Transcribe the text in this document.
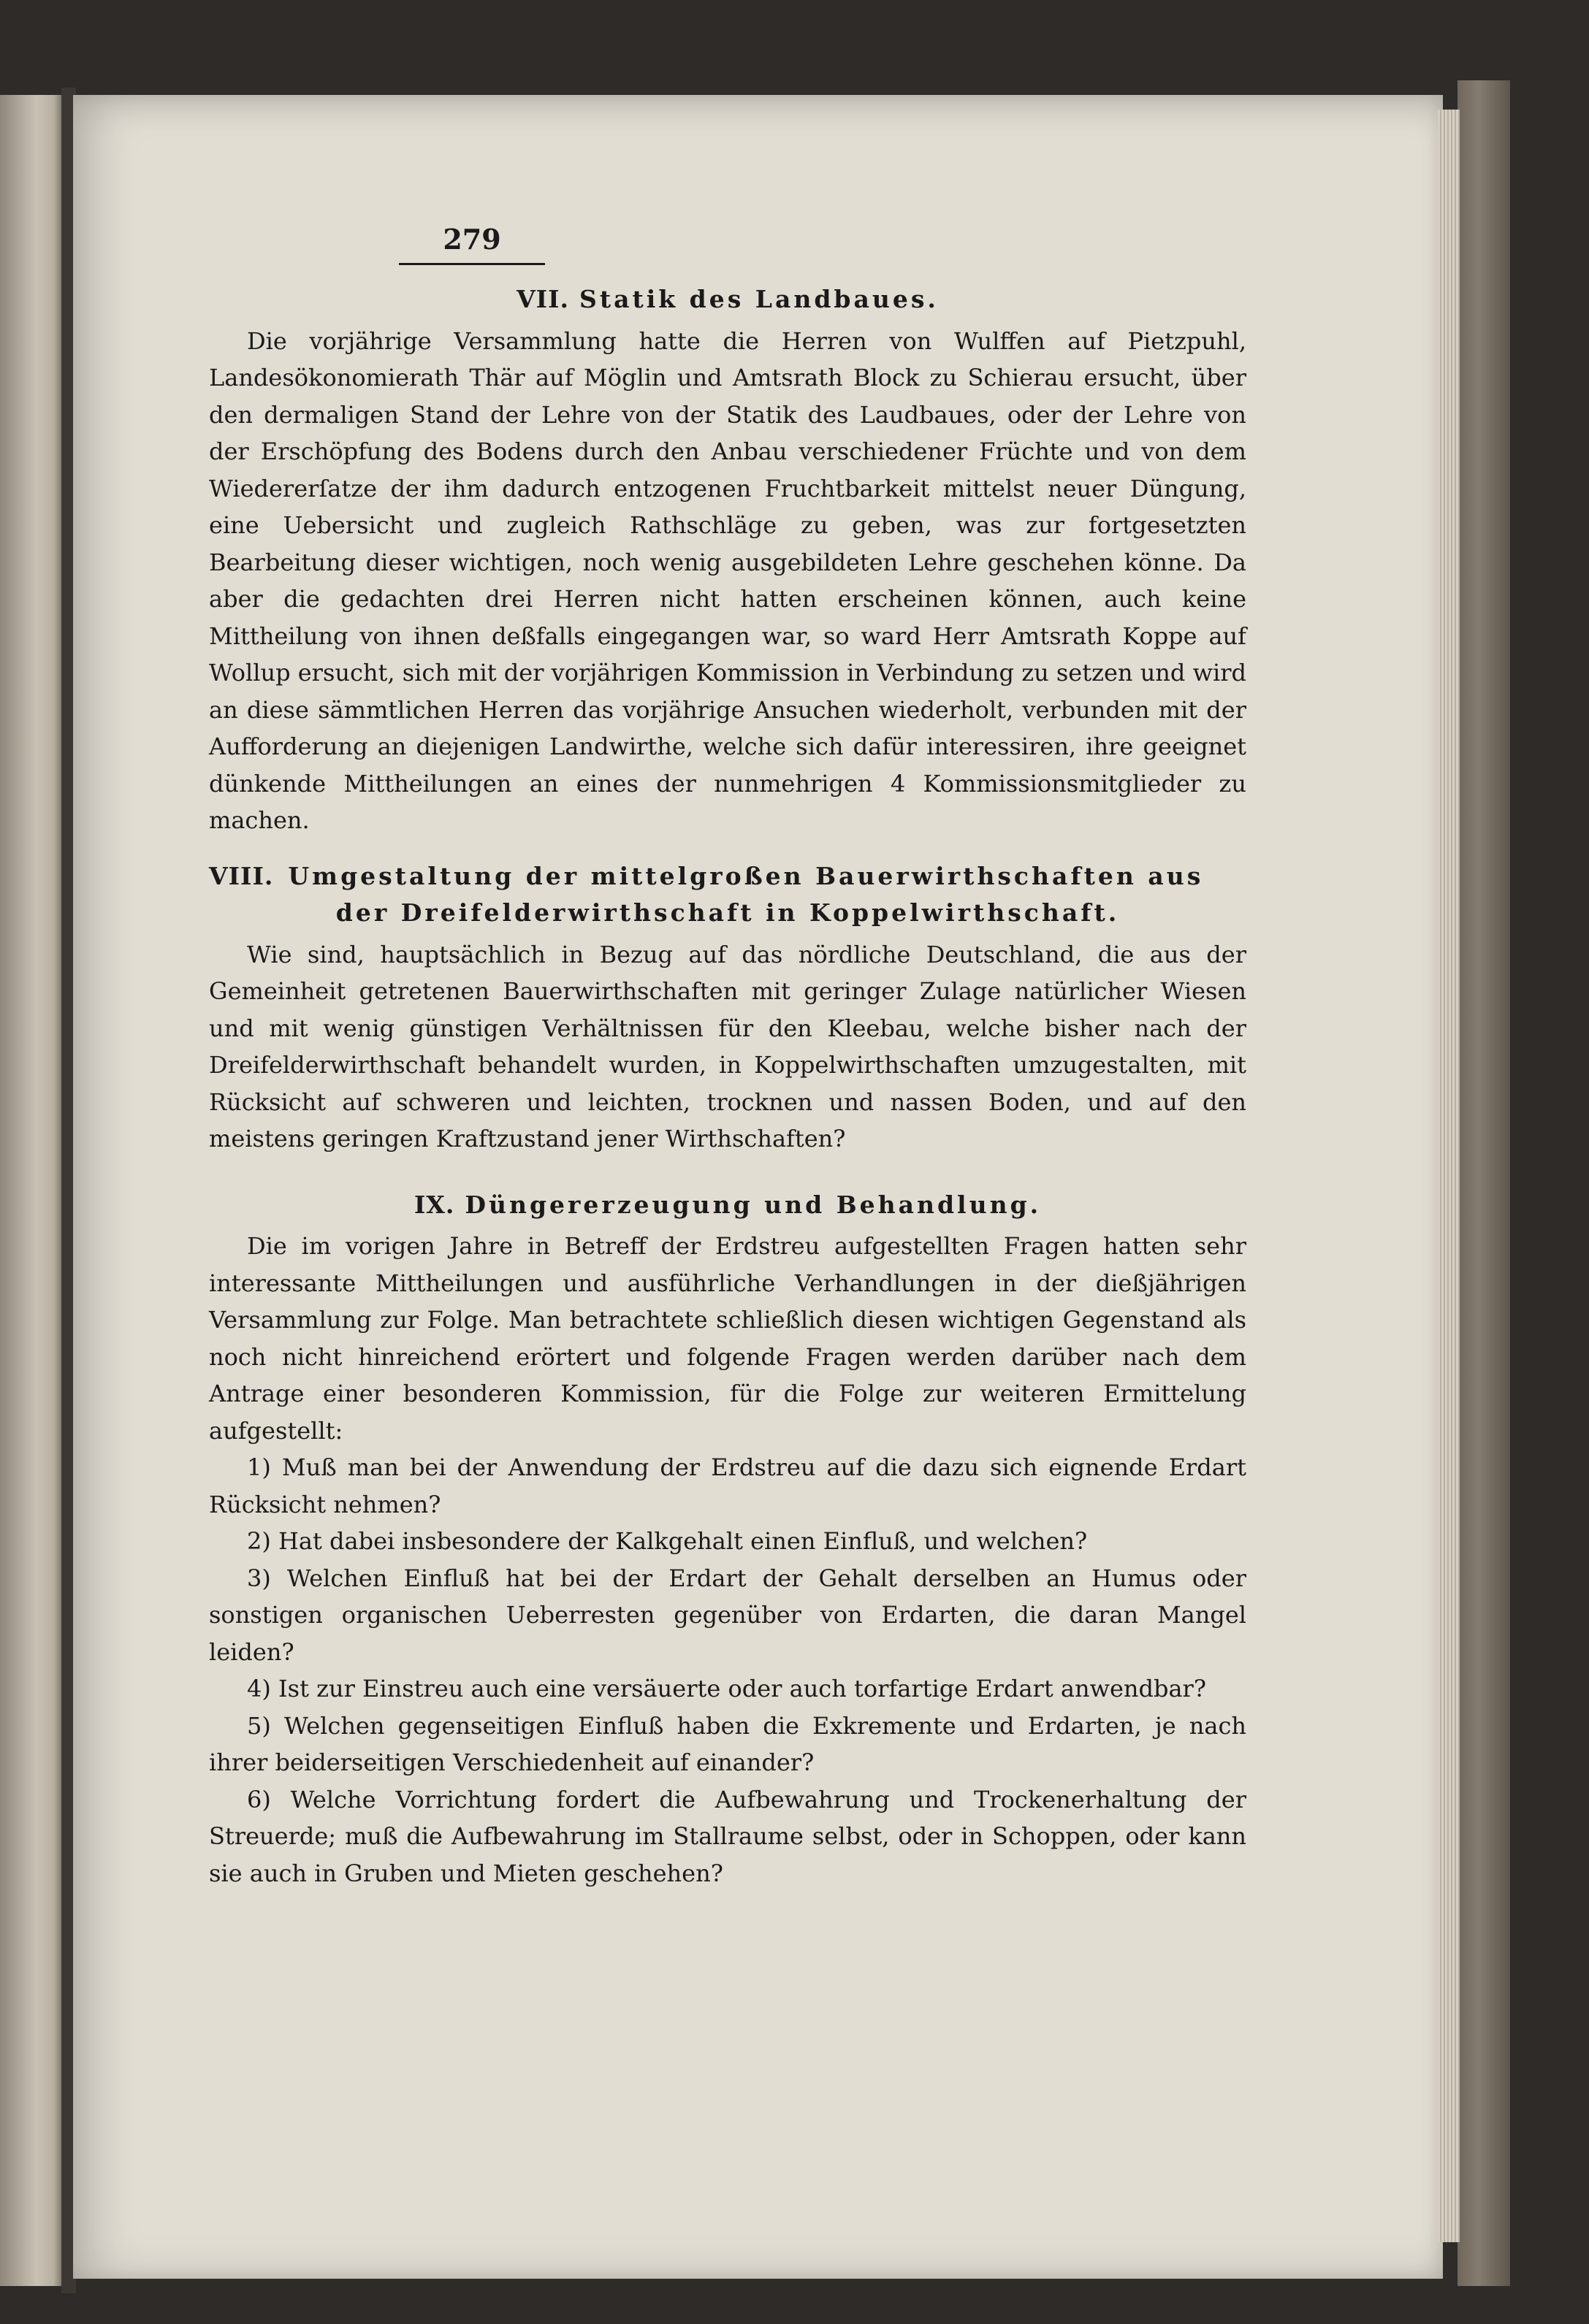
279
VII. Statik des Landbaues.

Die vorjährige Versammlung hatte die Herren von Wulffen auf Pietzpuhl, Landesökonomierath Thär auf Möglin und Amtsrath Block zu Schierau ersucht, über den dermaligen Stand der Lehre von der Statik des Laudbaues, oder der Lehre von der Erschöpfung des Bodens durch den Anbau verschiedener Früchte und von dem Wiedererſatze der ihm dadurch entzogenen Fruchtbarkeit mittelst neuer Düngung, eine Uebersicht und zugleich Rathschläge zu geben, was zur fortgesetzten Bearbeitung dieser wichtigen, noch wenig ausgebildeten Lehre geschehen könne. Da aber die gedachten drei Herren nicht hatten erscheinen können, auch keine Mittheilung von ihnen deßfalls eingegangen war, so ward Herr Amtsrath Koppe auf Wollup ersucht, sich mit der vorjährigen Kommission in Verbindung zu setzen und wird an diese sämmtlichen Herren das vorjährige Ansuchen wiederholt, verbunden mit der Aufforderung an diejenigen Landwirthe, welche sich dafür interessiren, ihre geeignet dünkende Mittheilungen an eines der nunmehrigen 4 Kommissionsmitglieder zu machen.

VIII. Umgestaltung der mittelgroßen Bauerwirthschaften aus
der Dreifelderwirthschaft in Koppelwirthschaft.

Wie sind, hauptsächlich in Bezug auf das nördliche Deutschland, die aus der Gemeinheit getretenen Bauerwirthschaften mit geringer Zulage natürlicher Wiesen und mit wenig günstigen Verhältnissen für den Kleebau, welche bisher nach der Dreifelderwirthschaft behandelt wurden, in Koppelwirthschaften umzugestalten, mit Rücksicht auf schweren und leichten, trocknen und nassen Boden, und auf den meistens geringen Kraftzustand jener Wirthschaften?

IX. Düngererzeugung und Behandlung.

Die im vorigen Jahre in Betreff der Erdstreu aufgestellten Fragen hatten sehr interessante Mittheilungen und ausführliche Verhandlungen in der dießjährigen Versammlung zur Folge. Man betrachtete schließlich diesen wichtigen Gegenstand als noch nicht hinreichend erörtert und folgende Fragen werden darüber nach dem Antrage einer besonderen Kommission, für die Folge zur weiteren Ermittelung aufgestellt:

1) Muß man bei der Anwendung der Erdstreu auf die dazu sich eignende Erdart Rücksicht nehmen?

2) Hat dabei insbesondere der Kalkgehalt einen Einfluß, und welchen?

3) Welchen Einfluß hat bei der Erdart der Gehalt derselben an Humus oder sonstigen organischen Ueberresten gegenüber von Erdarten, die daran Mangel leiden?

4) Ist zur Einstreu auch eine versäuerte oder auch torfartige Erdart anwendbar?

5) Welchen gegenseitigen Einfluß haben die Exkremente und Erdarten, je nach ihrer beiderseitigen Verschiedenheit auf einander?

6) Welche Vorrichtung fordert die Aufbewahrung und Trockenerhaltung der Streuerde; muß die Aufbewahrung im Stallraume selbst, oder in Schoppen, oder kann sie auch in Gruben und Mieten geschehen?
